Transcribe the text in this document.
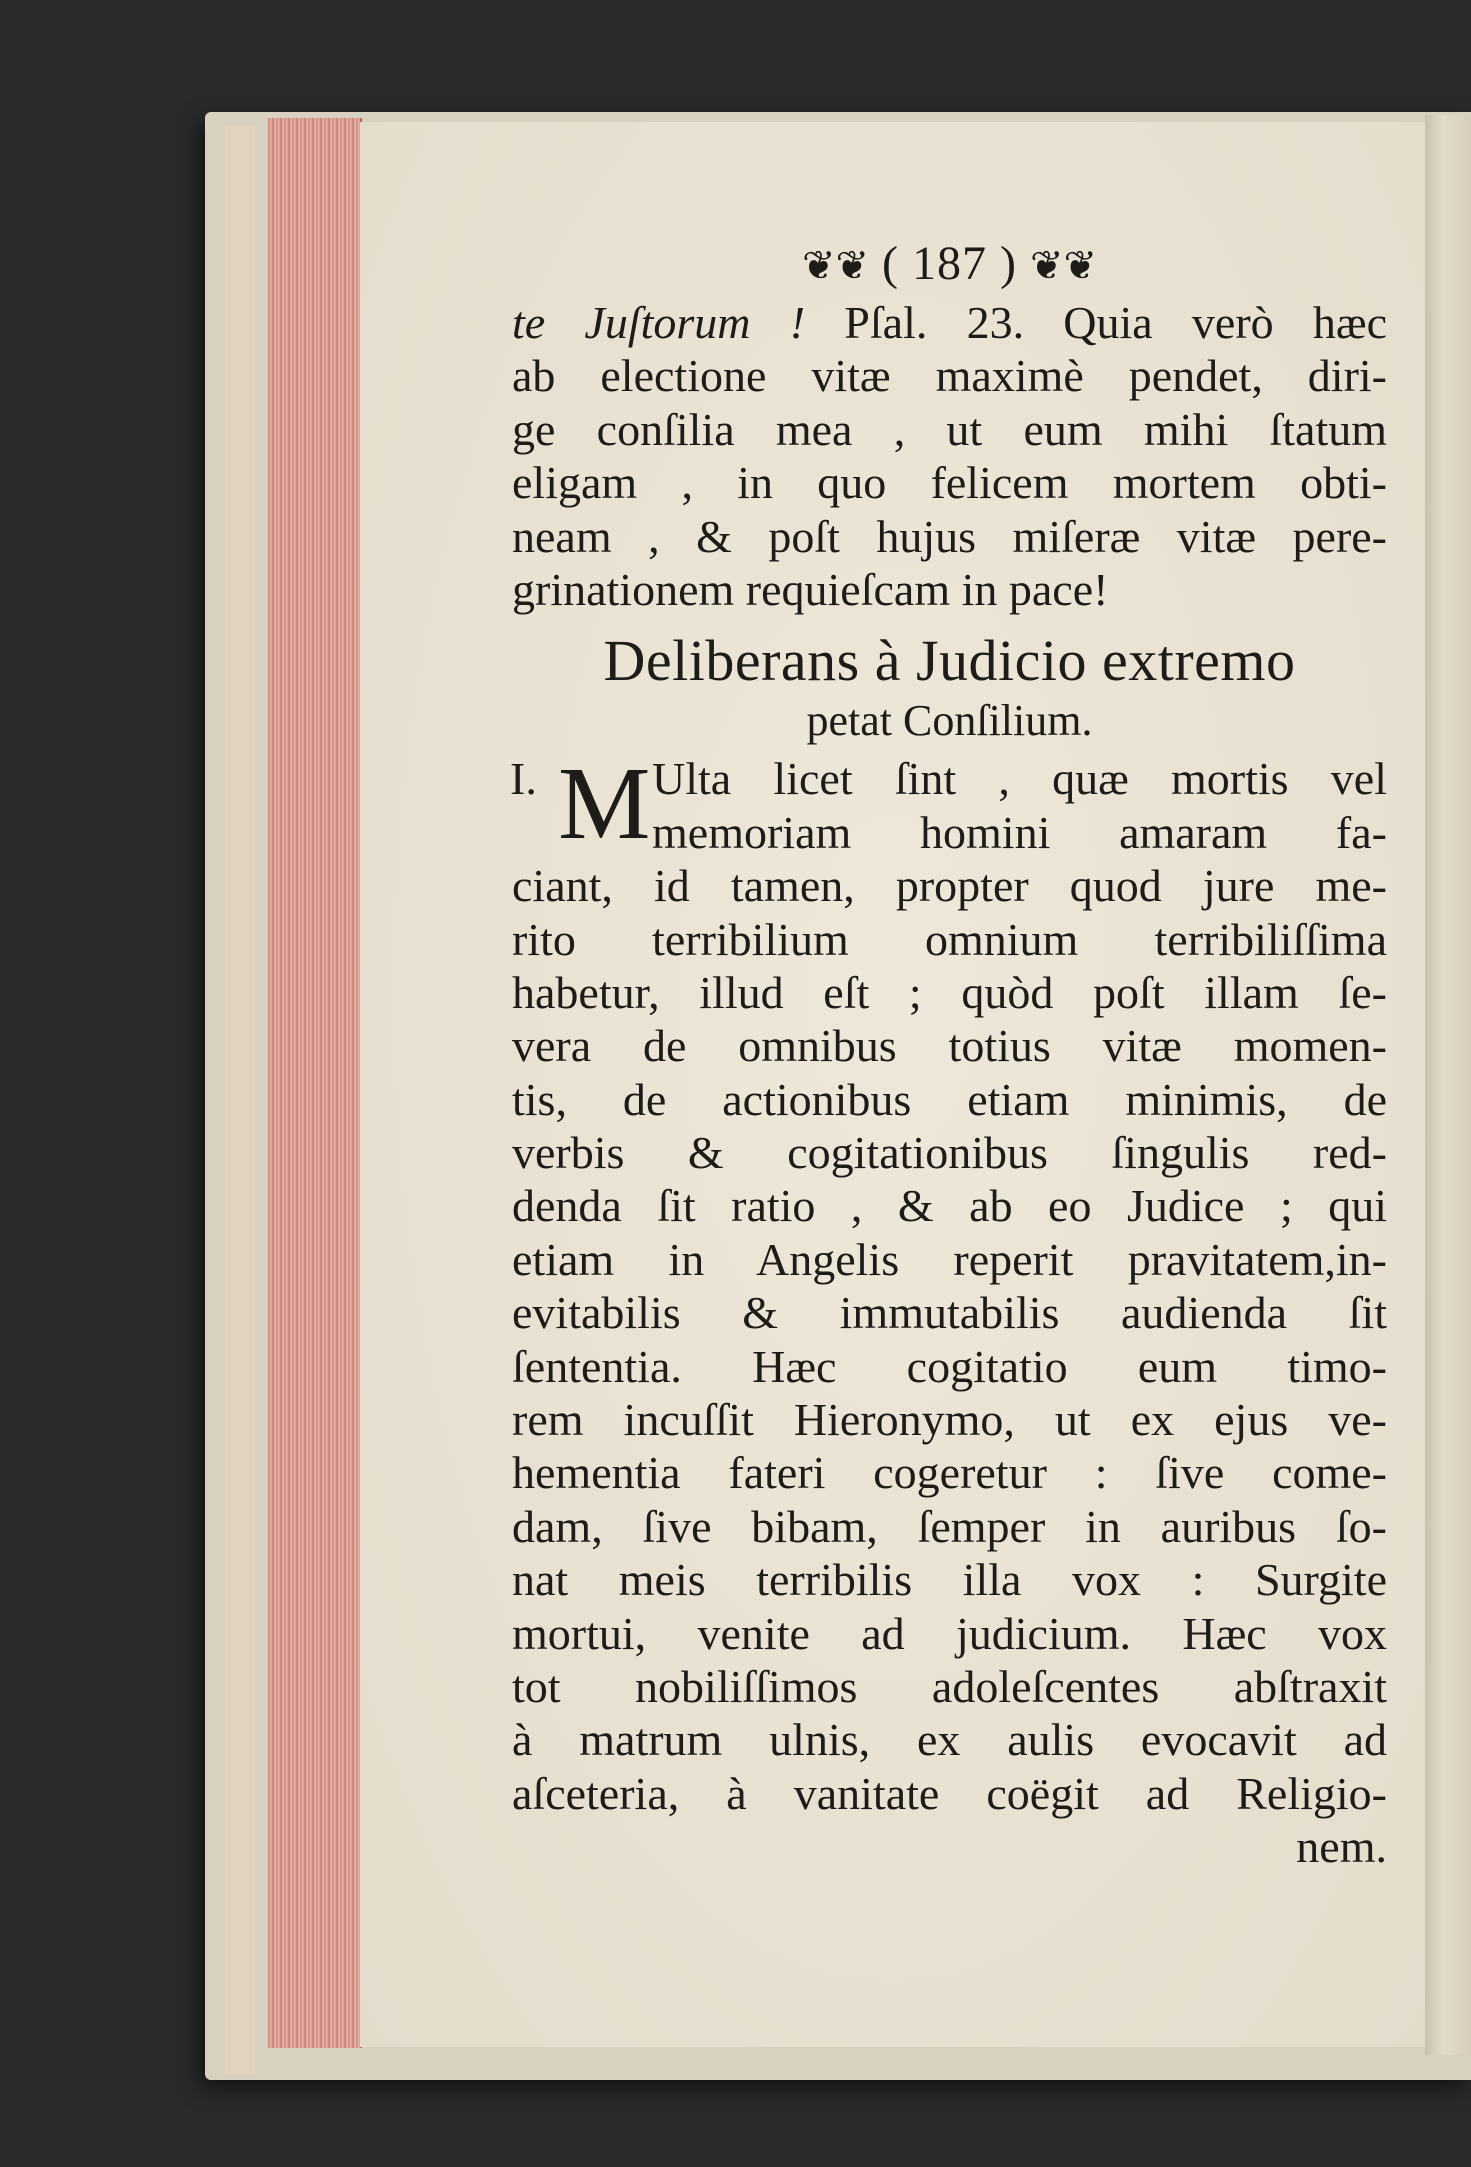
❦❦ ( 187 ) ❦❦
te Juſtorum ! Pſal. 23. Quia verò hæc
ab electione vitæ maximè pendet, diri-
ge conſilia mea , ut eum mihi ſtatum
eligam , in quo felicem mortem obti-
neam , & poſt hujus miſeræ vitæ pere-
grinationem requieſcam in pace!
Deliberans à Judicio extremo
petat Conſilium.
I. M Ulta licet ſint , quæ mortis vel
memoriam homini amaram fa-
ciant, id tamen, propter quod jure me-
rito terribilium omnium terribiliſſima
habetur, illud eſt ; quòd poſt illam ſe-
vera de omnibus totius vitæ momen-
tis, de actionibus etiam minimis, de
verbis & cogitationibus ſingulis red-
denda ſit ratio , & ab eo Judice ; qui
etiam in Angelis reperit pravitatem,in-
evitabilis & immutabilis audienda ſit
ſententia. Hæc cogitatio eum timo-
rem incuſſit Hieronymo, ut ex ejus ve-
hementia fateri cogeretur : ſive come-
dam, ſive bibam, ſemper in auribus ſo-
nat meis terribilis illa vox : Surgite
mortui, venite ad judicium. Hæc vox
tot nobiliſſimos adoleſcentes abſtraxit
à matrum ulnis, ex aulis evocavit ad
aſceteria, à vanitate coëgit ad Religio-
nem.
